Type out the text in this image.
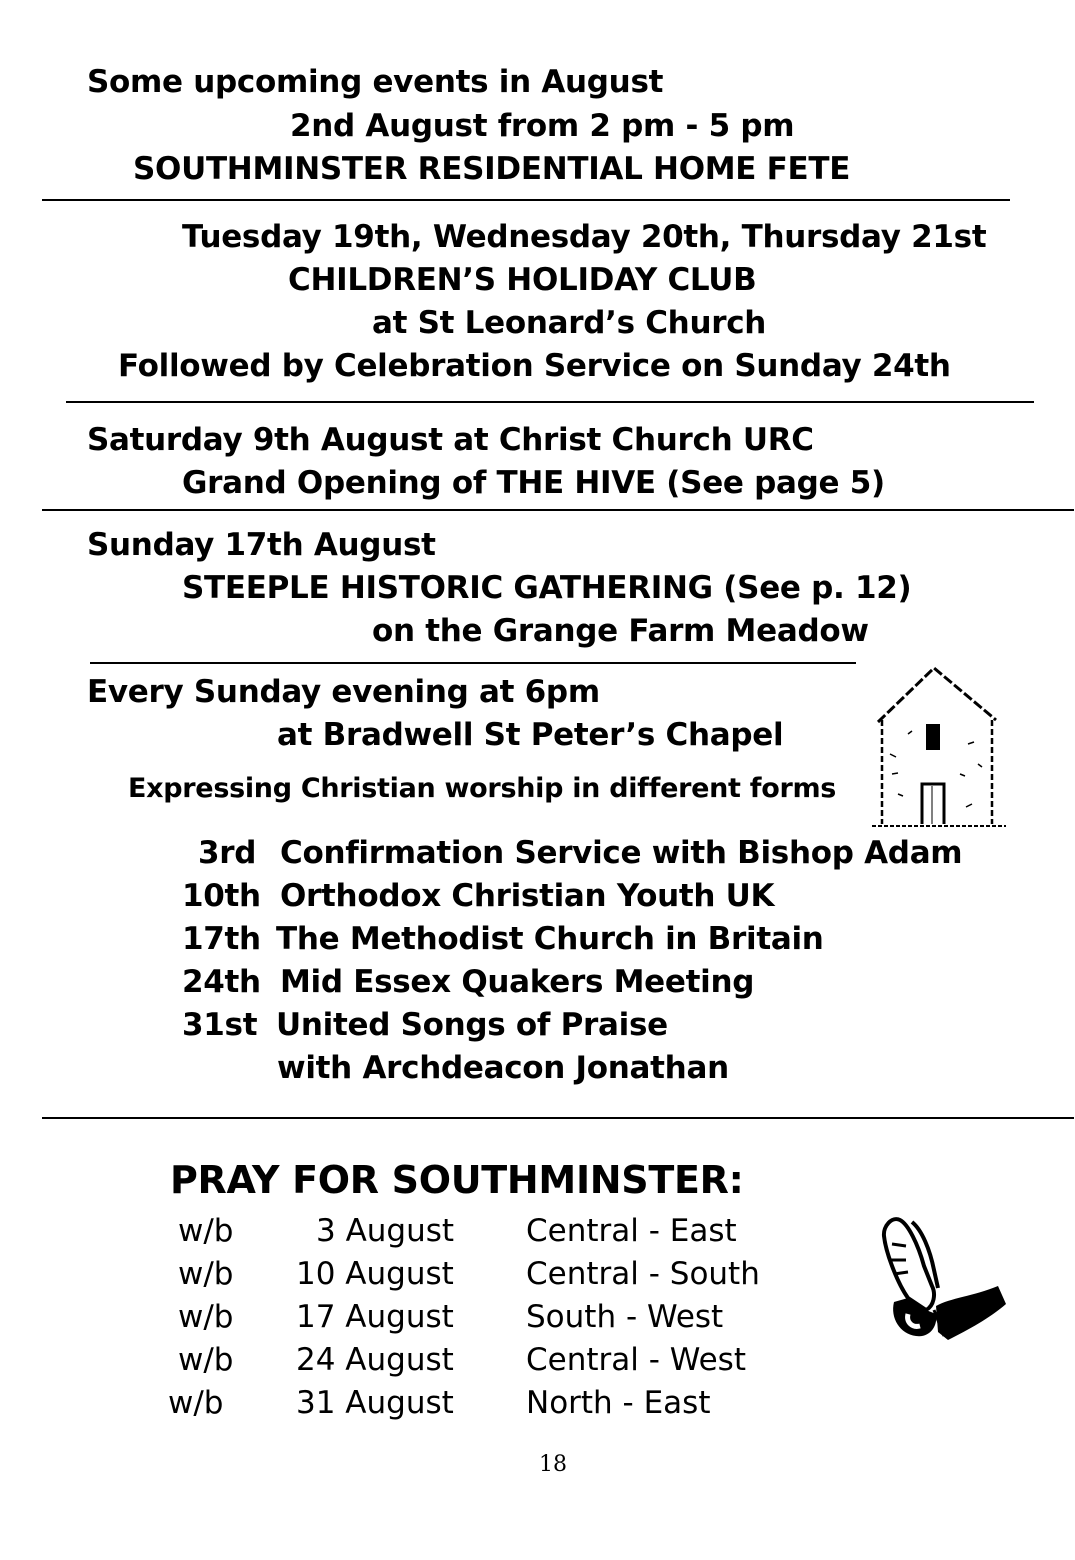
Some upcoming events in August
2nd August from 2 pm - 5 pm
SOUTHMINSTER RESIDENTIAL HOME FETE
Tuesday 19th, Wednesday 20th, Thursday 21st
CHILDREN’S HOLIDAY CLUB
at St Leonard’s Church
Followed by Celebration Service on Sunday 24th
Saturday 9th August at Christ Church URC
Grand Opening of THE HIVE (See page 5)
Sunday 17th August
STEEPLE HISTORIC GATHERING (See p. 12)
on the Grange Farm Meadow
Every Sunday evening at 6pm
at Bradwell St Peter’s Chapel
Expressing Christian worship in different forms
3rd Confirmation Service with Bishop Adam
10th Orthodox Christian Youth UK
17th The Methodist Church in Britain
24th Mid Essex Quakers Meeting
31st United Songs of Praise
with Archdeacon Jonathan
PRAY FOR SOUTHMINSTER:
w/b	3 August Central - East
w/b 10 August Central - South
w/b 17 August South - West
w/b 24 August Central - West
w/b 31 August North - East
18
